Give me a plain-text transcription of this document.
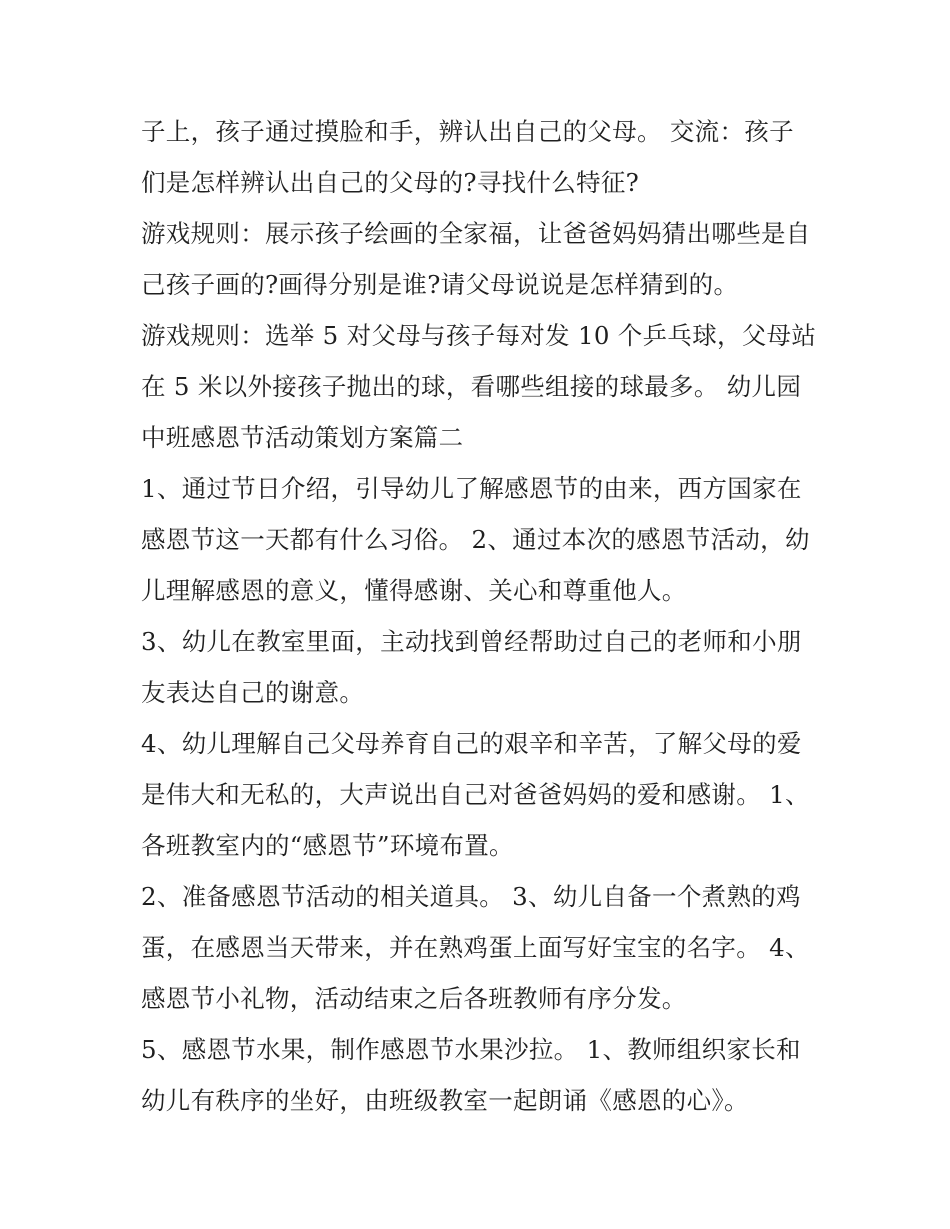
子上，孩子通过摸脸和手，辨认出自己的父母。 交流：孩子
们是怎样辨认出自己的父母的?寻找什么特征?
游戏规则：展示孩子绘画的全家福，让爸爸妈妈猜出哪些是自
己孩子画的?画得分别是谁?请父母说说是怎样猜到的。
游戏规则：选举 5 对父母与孩子每对发 10 个乒乓球，父母站
在 5 米以外接孩子抛出的球，看哪些组接的球最多。 幼儿园
中班感恩节活动策划方案篇二
1、通过节日介绍，引导幼儿了解感恩节的由来，西方国家在
感恩节这一天都有什么习俗。 2、通过本次的感恩节活动，幼
儿理解感恩的意义，懂得感谢、关心和尊重他人。
3、幼儿在教室里面，主动找到曾经帮助过自己的老师和小朋
友表达自己的谢意。
4、幼儿理解自己父母养育自己的艰辛和辛苦，了解父母的爱
是伟大和无私的，大声说出自己对爸爸妈妈的爱和感谢。 1、
各班教室内的“感恩节”环境布置。
2、准备感恩节活动的相关道具。 3、幼儿自备一个煮熟的鸡
蛋，在感恩当天带来，并在熟鸡蛋上面写好宝宝的名字。 4、
感恩节小礼物，活动结束之后各班教师有序分发。
5、感恩节水果，制作感恩节水果沙拉。 1、教师组织家长和
幼儿有秩序的坐好，由班级教室一起朗诵《感恩的心》。
